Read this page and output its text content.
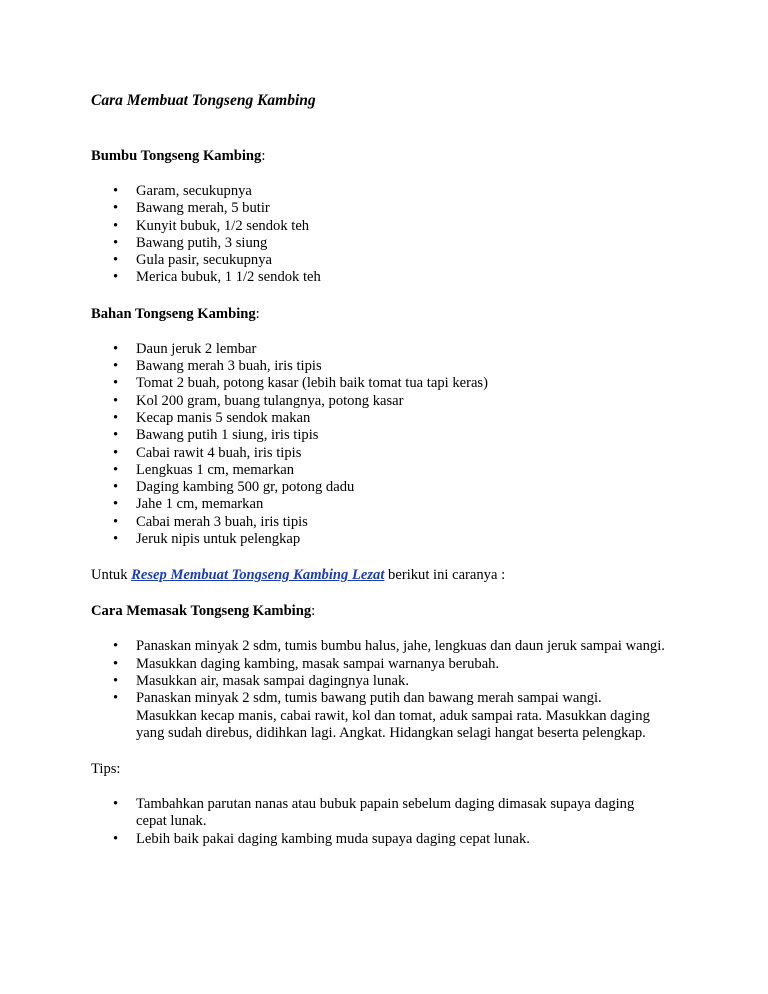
Cara Membuat Tongseng Kambing
Bumbu Tongseng Kambing:
• Garam, secukupnya
• Bawang merah, 5 butir
• Kunyit bubuk, 1/2 sendok teh
• Bawang putih, 3 siung
• Gula pasir, secukupnya
• Merica bubuk, 1 1/2 sendok teh
Bahan Tongseng Kambing:
• Daun jeruk 2 lembar
• Bawang merah 3 buah, iris tipis
• Tomat 2 buah, potong kasar (lebih baik tomat tua tapi keras)
• Kol 200 gram, buang tulangnya, potong kasar
• Kecap manis 5 sendok makan
• Bawang putih 1 siung, iris tipis
• Cabai rawit 4 buah, iris tipis
• Lengkuas 1 cm, memarkan
• Daging kambing 500 gr, potong dadu
• Jahe 1 cm, memarkan
• Cabai merah 3 buah, iris tipis
• Jeruk nipis untuk pelengkap
Untuk Resep Membuat Tongseng Kambing Lezat berikut ini caranya :
Cara Memasak Tongseng Kambing:
• Panaskan minyak 2 sdm, tumis bumbu halus, jahe, lengkuas dan daun jeruk sampai wangi.
• Masukkan daging kambing, masak sampai warnanya berubah.
• Masukkan air, masak sampai dagingnya lunak.
• Panaskan minyak 2 sdm, tumis bawang putih dan bawang merah sampai wangi. Masukkan kecap manis, cabai rawit, kol dan tomat, aduk sampai rata. Masukkan daging yang sudah direbus, didihkan lagi. Angkat. Hidangkan selagi hangat beserta pelengkap.
Tips:
• Tambahkan parutan nanas atau bubuk papain sebelum daging dimasak supaya daging cepat lunak.
• Lebih baik pakai daging kambing muda supaya daging cepat lunak.
